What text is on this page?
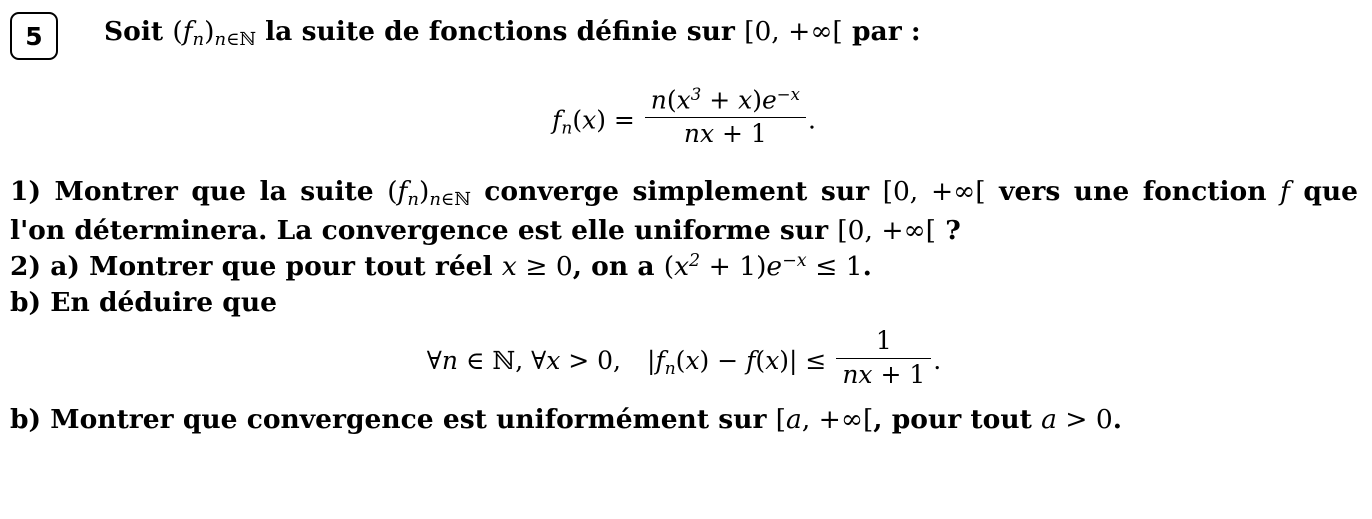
5	Soit $(f_n)n\in ℕ$ la suite de fonctions définie sur [0, +∞[ par :
$f_n(x) = \frac{n(x^3 + x)e^{-x}}{nx + 1}$ .
1) Montrer que la suite $(f_n)n\in ℕ$ converge simplement sur [0, +∞[ vers une fonction f que
l'on déterminera. La convergence est elle uniforme sur [0, +∞[ ?
2) a) Montrer que pour tout réel x ≥ 0, on a $(x^2 + 1)e^{-x} \le 1$.
b) En déduire que
∀n ∈ ℕ, ∀x > 0, $|f_n(x) - f(x)| \le \frac{1}{nx + 1}$ .
b) Montrer que convergence est uniformément sur [a, +∞[, pour tout a > 0.
